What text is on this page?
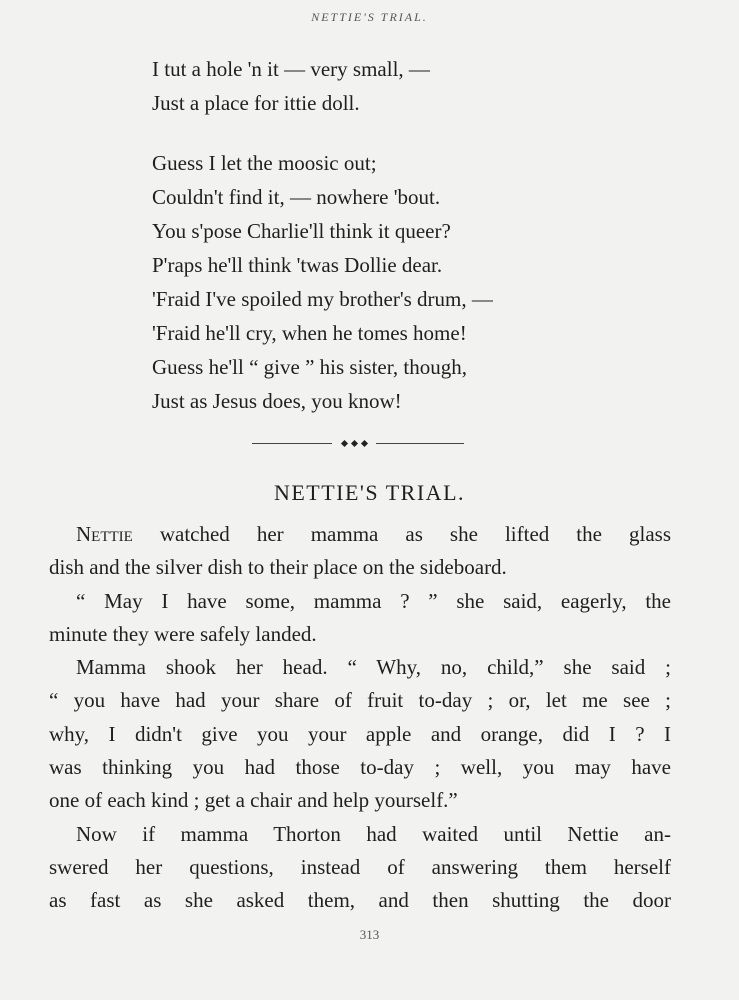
NETTIE'S TRIAL.
I tut a hole 'n it — very small, —
Just a place for ittie doll.
Guess I let the moosic out;
Couldn't find it, — nowhere 'bout.
You s'pose Charlie'll think it queer?
P'raps he'll think 'twas Dollie dear.
'Fraid I've spoiled my brother's drum, —
'Fraid he'll cry, when he tomes home!
Guess he'll “ give ” his sister, though,
Just as Jesus does, you know!
NETTIE'S TRIAL.
Nettie watched her mamma as she lifted the glass
dish and the silver dish to their place on the sideboard.
“ May I have some, mamma ? ” she said, eagerly, the
minute they were safely landed.
Mamma shook her head. “ Why, no, child,” she said ;
“ you have had your share of fruit to-day ; or, let me see ;
why, I didn't give you your apple and orange, did I ? I
was thinking you had those to-day ; well, you may have
one of each kind ; get a chair and help yourself.”
Now if mamma Thorton had waited until Nettie an-
swered her questions, instead of answering them herself
as fast as she asked them, and then shutting the door
313
